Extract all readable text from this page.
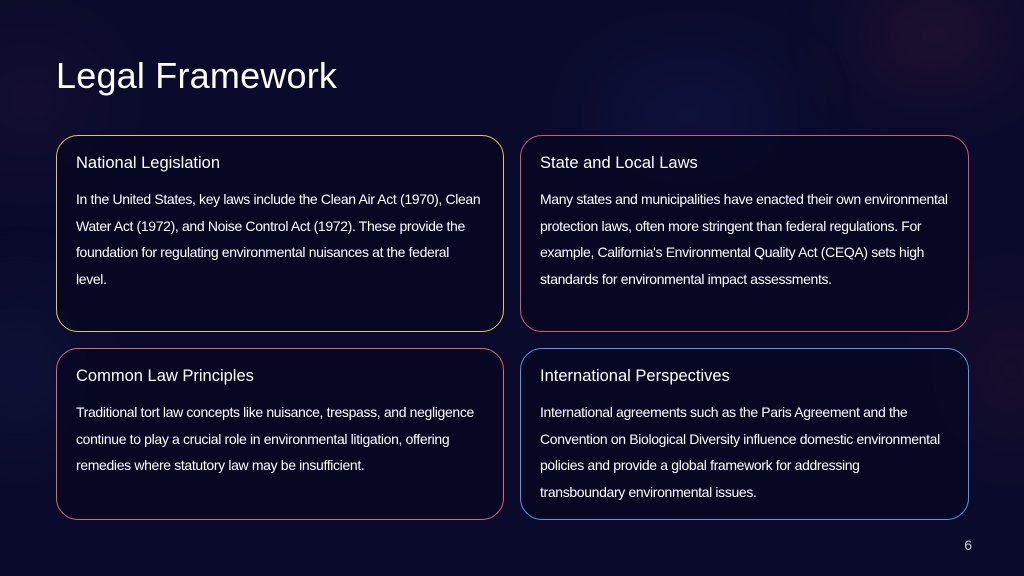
Legal Framework
National Legislation

In the United States, key laws include the Clean Air Act (1970), Clean Water Act (1972), and Noise Control Act (1972). These provide the foundation for regulating environmental nuisances at the federal level.

State and Local Laws

Many states and municipalities have enacted their own environmental protection laws, often more stringent than federal regulations. For example, California's Environmental Quality Act (CEQA) sets high standards for environmental impact assessments.

Common Law Principles

Traditional tort law concepts like nuisance, trespass, and negligence continue to play a crucial role in environmental litigation, offering remedies where statutory law may be insufficient.

International Perspectives

International agreements such as the Paris Agreement and the Convention on Biological Diversity influence domestic environmental policies and provide a global framework for addressing transboundary environmental issues.

6
